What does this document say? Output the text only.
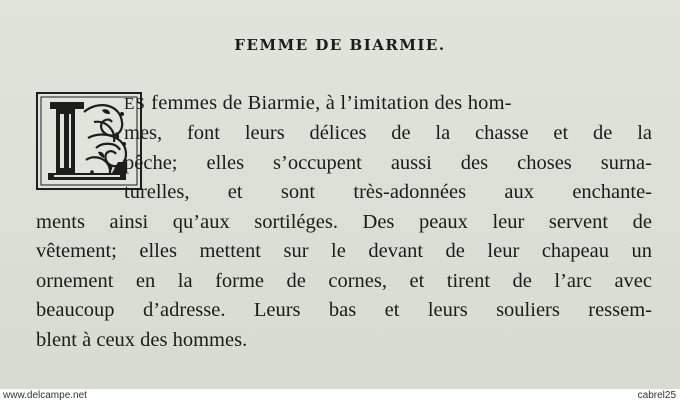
FEMME DE BIARMIE.
ES femmes de Biarmie, à l’imitation des hom-
mes, font leurs délices de la chasse et de la
pêche; elles s’occupent aussi des choses surna-
turelles, et sont très-adonnées aux enchante-
ments ainsi qu’aux sortiléges. Des peaux leur servent de
vêtement; elles mettent sur le devant de leur chapeau un
ornement en la forme de cornes, et tirent de l’arc avec
beaucoup d’adresse. Leurs bas et leurs souliers ressem-
blent à ceux des hommes.
www.delcampe.net	cabrel25
